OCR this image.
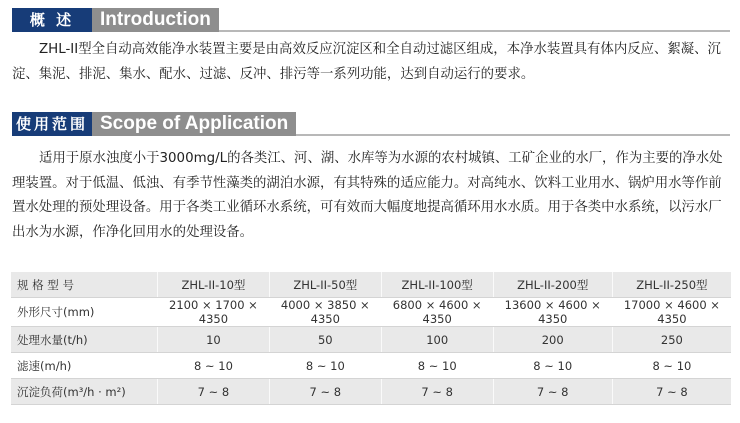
概 述	Introduction

ZHL-II型全自动高效能净水装置主要是由高效反应沉淀区和全自动过滤区组成，本净水装置具有体内反应、絮凝、沉淀、集泥、排泥、集水、配水、过滤、反冲、排污等一系列功能，达到自动运行的要求。

使用范围 Scope of Application

适用于原水浊度小于3000mg/L的各类江、河、湖、水库等为水源的农村城镇、工矿企业的水厂，作为主要的净水处理装置。对于低温、低浊、有季节性藻类的湖泊水源，有其特殊的适应能力。对高纯水、饮料工业用水、锅炉用水等作前置水处理的预处理设备。用于各类工业循环水系统，可有效而大幅度地提高循环用水水质。用于各类中水系统，以污水厂出水为水源，作净化回用水的处理设备。

规 格 型 号	ZHL-II-10型	ZHL-II-50型	ZHL-II-100型	ZHL-II-200型	ZHL-II-250型
外形尺寸(mm)	2100 × 1700 × 4350	4000 × 3850 × 4350	6800 × 4600 × 4350	13600 × 4600 × 4350	17000 × 4600 × 4350
处理水量(t/h)	10	50	100	200	250
滤速(m/h)	8 ~ 10	8 ~ 10	8 ~ 10	8 ~ 10	8 ~ 10
沉淀负荷(m³/h · m²)	7 ~ 8	7 ~ 8	7 ~ 8	7 ~ 8	7 ~ 8
